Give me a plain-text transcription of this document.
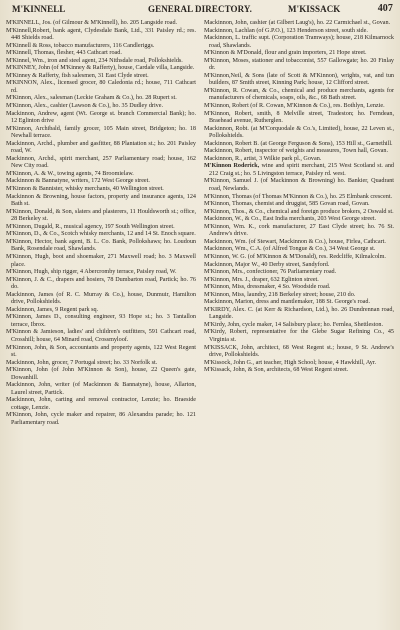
M'KINNELL	GENERAL DIRECTORY.	M'KISSACK	407

M'KINNELL, Jos. (of Gilmour & M'Kinnell), ho. 205 Langside road.

M'Kinnell,Robert, bank agent, Clydesdale Bank, Ltd., 331 Paisley rd.; res. 448 Shields road.

M'Kinnell & Ross, tobacco manufacturers, 116 Candleriggs.

M'Kinnell, Thomas, flesher, 443 Cathcart road.

M'Kinnel, Wm., iron and steel agent, 234 Nithsdale road, Pollokshields.

M'KINNEY, John (of M'Kinney & Rafferty), house, Cardale villa, Langside.

M'Kinney & Rafferty, fish salesmen, 31 East Clyde street.

M'KINNON, Alex., licensed grocer, 80 Caledonia rd.; house, 711 Cathcart rd.

M'Kinnon, Alex., salesman (Leckie Graham & Co.), ho. 28 Rupert st.

M'Kinnon, Alex., cashier (Lawson & Co.), ho. 35 Dudley drive.

Mackinnon, Andrew, agent (Wt. George st. branch Commercial Bank); ho. 12 Eglinton drive

M'Kinnon, Archibald, family grocer, 105 Main street, Bridgeton; ho. 18 Newhall terrace.

Mackinnon, Archd., plumber and gasfitter, 88 Plantation st.; ho. 201 Paisley road, W.

Mackinnon, Archd., spirit merchant, 257 Parliamentary road; house, 162 New City road.

M'Kinnon, A. & W., towing agents, 74 Broomielaw.

Mackinnon & Bannatyne, writers, 172 West George street.

M'Kinnon & Bannister, whisky merchants, 40 Wellington street.

Mackinnon & Browning, house factors, property and insurance agents, 124 Bath st.

M'Kinnon, Donald, & Son, slaters and plasterers, 11 Houldsworth st.; office, 28 Berkeley st.

M'Kinnon, Dugald, R., musical agency, 197 South Wellington street.

M'Kinnon, D., & Co., Scotch whisky merchants, 12 and 14 St. Enoch square.

M'Kinnon, Hector, bank agent, B. L. Co. Bank, Pollokshaws; ho. Loudoun Bank, Rosendale road, Shawlands.

M'Kinnon, Hugh, boot and shoemaker, 271 Maxwell road; ho. 3 Maxwell place.

M'Kinnon, Hugh, ship rigger, 4 Abercromby terrace, Paisley road, W.

M'Kinnon, J. & C., drapers and hosiers, 78 Dumbarton road, Partick; ho. 76 do.

Mackinnon, James (of R. C. Murray & Co.), house, Dunmuir, Hamilton drive, Pollokshields.

Mackinnon, James, 9 Regent park sq.

M'Kinnon, James D., consulting engineer, 93 Hope st.; ho. 3 Tantallon terrace, Ibrox.

M'Kinnon & Jamieson, ladies' and children's outfitters, 591 Cathcart road, Crosshill; house, 64 Minard road, Crossmyloof.

M'Kinnon, John, & Son, accountants and property agents, 122 West Regent st.

Mackinnon, John, grocer, 7 Portugal street; ho. 33 Norfolk st.

M'Kinnon, John (of John M'Kinnon & Son), house, 22 Queen's gate, Dowanhill.

Mackinnon, John, writer (of Mackinnon & Bannatyne), house, Allarton, Laurel street, Partick.

Mackinnon, John, carting and removal contractor, Lenzie; ho. Braeside cottage, Lenzie.

M'Kinnon, John, cycle maker and repairer, 86 Alexandra parade; ho. 121 Parliamentary road.

Mackinnon, John, cashier (at Gilbert Laug's), ho. 22 Carmichael st., Govan.

Mackinnon, Lachlan (of G.P.O.), 123 Henderson street, south side.

Mackinnon, L. traffic supt. (Corporation Tramways); house, 218 Kilmarnock road, Shawlands.

M'Kinnon & M'Donald, flour and grain importers, 21 Hope street.

M'Kinnon, Moses, stationer and tobacconist, 557 Gallowgate; ho. 20 Finlay dr.

M'Kinnon,Neil, & Sons (late of Scott & M'Kinnon), wrights, vat, and tun builders, 87 Smith street, Kinning Park; house, 12 Clifford street.

M'Kinnon, R. Cowan, & Co., chemical and produce merchants, agents for manufacturers of chemicals, soaps, oils, &c., 68 Bath street.

M'Kinnon, Robert (of R. Cowan, M'Kinnon & Co.), res. Bothlyn, Lenzie.

M'Kinnon, Robert, smith, 8 Melville street, Tradeston; ho. Ferndean, Braehead avenue, Rutherglen.

Mackinnon, Robt. (at M'Corquodale & Co.'s, Limited), house, 22 Leven st., Pollokshields.

Mackinnon, Robert B. (at George Ferguson & Sons), 153 Hill st., Garnethill.

Mackinnon, Robert, inspector of weights and measures, Town hall, Govan.

Mackinnon, R., artist, 3 Wilkie park pl., Govan.

M'Kinnon Roderick, wine and spirit merchant, 215 West Scotland st. and 212 Craig st.; ho. 5 Livingston terrace, Paisley rd. west.

M'Kinnon, Samuel J. (of Mackinnon & Browning) ho. Bankier, Quadrant road, Newlands.

M'Kinnon, Thomas (of Thomas M'Kinnon & Co.), ho. 25 Elmbank crescent.

M'Kinnon, Thomas, chemist and druggist, 585 Govan road, Govan.

M'Kinnon, Thos., & Co., chemical and foreign produce brokers, 2 Oswald st.

Mackinnon, W., & Co., East India merchants, 203 West George street.

M'Kinnon, Wm. K., cork manufacturer, 27 East Clyde street; ho. 76 St. Andrew's drive.

Mackinnon, Wm. (of Stewart, Mackinnon & Co.), house, Firlea, Cathcart.

Mackinnon, Wm., C.A. (of Alfred Tongue & Co.), 34 West George st.

M'Kinnon, W. G. (of M'Kinnon & M'Donald), res. Redcliffe, Kilmalcolm.

Mackinnon, Major W., 40 Derby street, Sandyford.

M'Kinnon, Mrs., confectioner, 76 Parliamentary road.

M'Kinnon, Mrs. J., draper, 632 Eglinton street.

M'Kinnon, Miss, dressmaker, 4 So. Woodside road.

M'Kinnon, Miss, laundry, 218 Berkeley street; house, 210 do.

Mackinnon, Marion, dress and mantlemaker, 188 St. George's road.

M'KIRDY, Alex. C. (at Kerr & Richardson, Ltd.), ho. 26 Dundrennan road, Langside.

M'Kirdy, John, cycle maker, 14 Salisbury place; ho. Fernlea, Shettleston.

M'Kirdy, Robert, representative for the Glebe Sugar Refining Co., 45 Virginia st.

M'KISSACK, John, architect, 68 West Regent st.; house, 9 St. Andrew's drive, Pollokshields.

M'Kissock, John G., art teacher, High School; house, 4 Hawkhill, Ayr.

M'Kissack, John, & Son, architects, 68 West Regent street.
